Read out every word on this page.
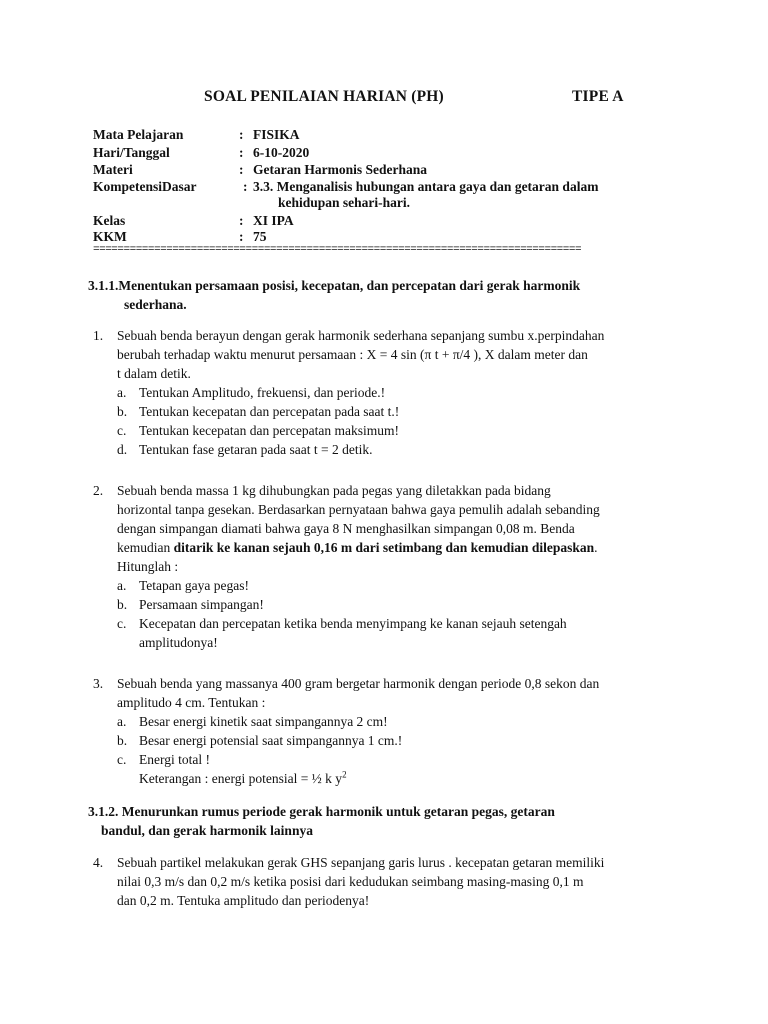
SOAL PENILAIAN HARIAN (PH)	TIPE A
Mata Pelajaran	: FISIKA
Hari/Tanggal	: 6-10-2020
Materi	: Getaran Harmonis Sederhana
KompetensiDasar	: 3.3. Menganalisis hubungan antara gaya dan getaran dalam
kehidupan sehari-hari.
Kelas	: XI IPA
KKM	: 75
================================================================================
3.1.1.Menentukan persamaan posisi, kecepatan, dan percepatan dari gerak harmonik
sederhana.
1. Sebuah benda berayun dengan gerak harmonik sederhana sepanjang sumbu x.perpindahan
berubah terhadap waktu menurut persamaan : X = 4 sin (π t + π/4 ), X dalam meter dan
t dalam detik.
a. Tentukan Amplitudo, frekuensi, dan periode.!
b. Tentukan kecepatan dan percepatan pada saat t.!
c. Tentukan kecepatan dan percepatan maksimum!
d. Tentukan fase getaran pada saat t = 2 detik.
2. Sebuah benda massa 1 kg dihubungkan pada pegas yang diletakkan pada bidang
horizontal tanpa gesekan. Berdasarkan pernyataan bahwa gaya pemulih adalah sebanding
dengan simpangan diamati bahwa gaya 8 N menghasilkan simpangan 0,08 m. Benda
kemudian ditarik ke kanan sejauh 0,16 m dari setimbang dan kemudian dilepaskan.
Hitunglah :
a. Tetapan gaya pegas!
b. Persamaan simpangan!
c. Kecepatan dan percepatan ketika benda menyimpang ke kanan sejauh setengah
amplitudonya!
3. Sebuah benda yang massanya 400 gram bergetar harmonik dengan periode 0,8 sekon dan
amplitudo 4 cm. Tentukan :
a. Besar energi kinetik saat simpangannya 2 cm!
b. Besar energi potensial saat simpangannya 1 cm.!
c. Energi total !
Keterangan : energi potensial = ½ k $y^2$
3.1.2. Menurunkan rumus periode gerak harmonik untuk getaran pegas, getaran
bandul, dan gerak harmonik lainnya
4. Sebuah partikel melakukan gerak GHS sepanjang garis lurus . kecepatan getaran memiliki
nilai 0,3 m/s dan 0,2 m/s ketika posisi dari kedudukan seimbang masing-masing 0,1 m
dan 0,2 m. Tentuka amplitudo dan periodenya!
